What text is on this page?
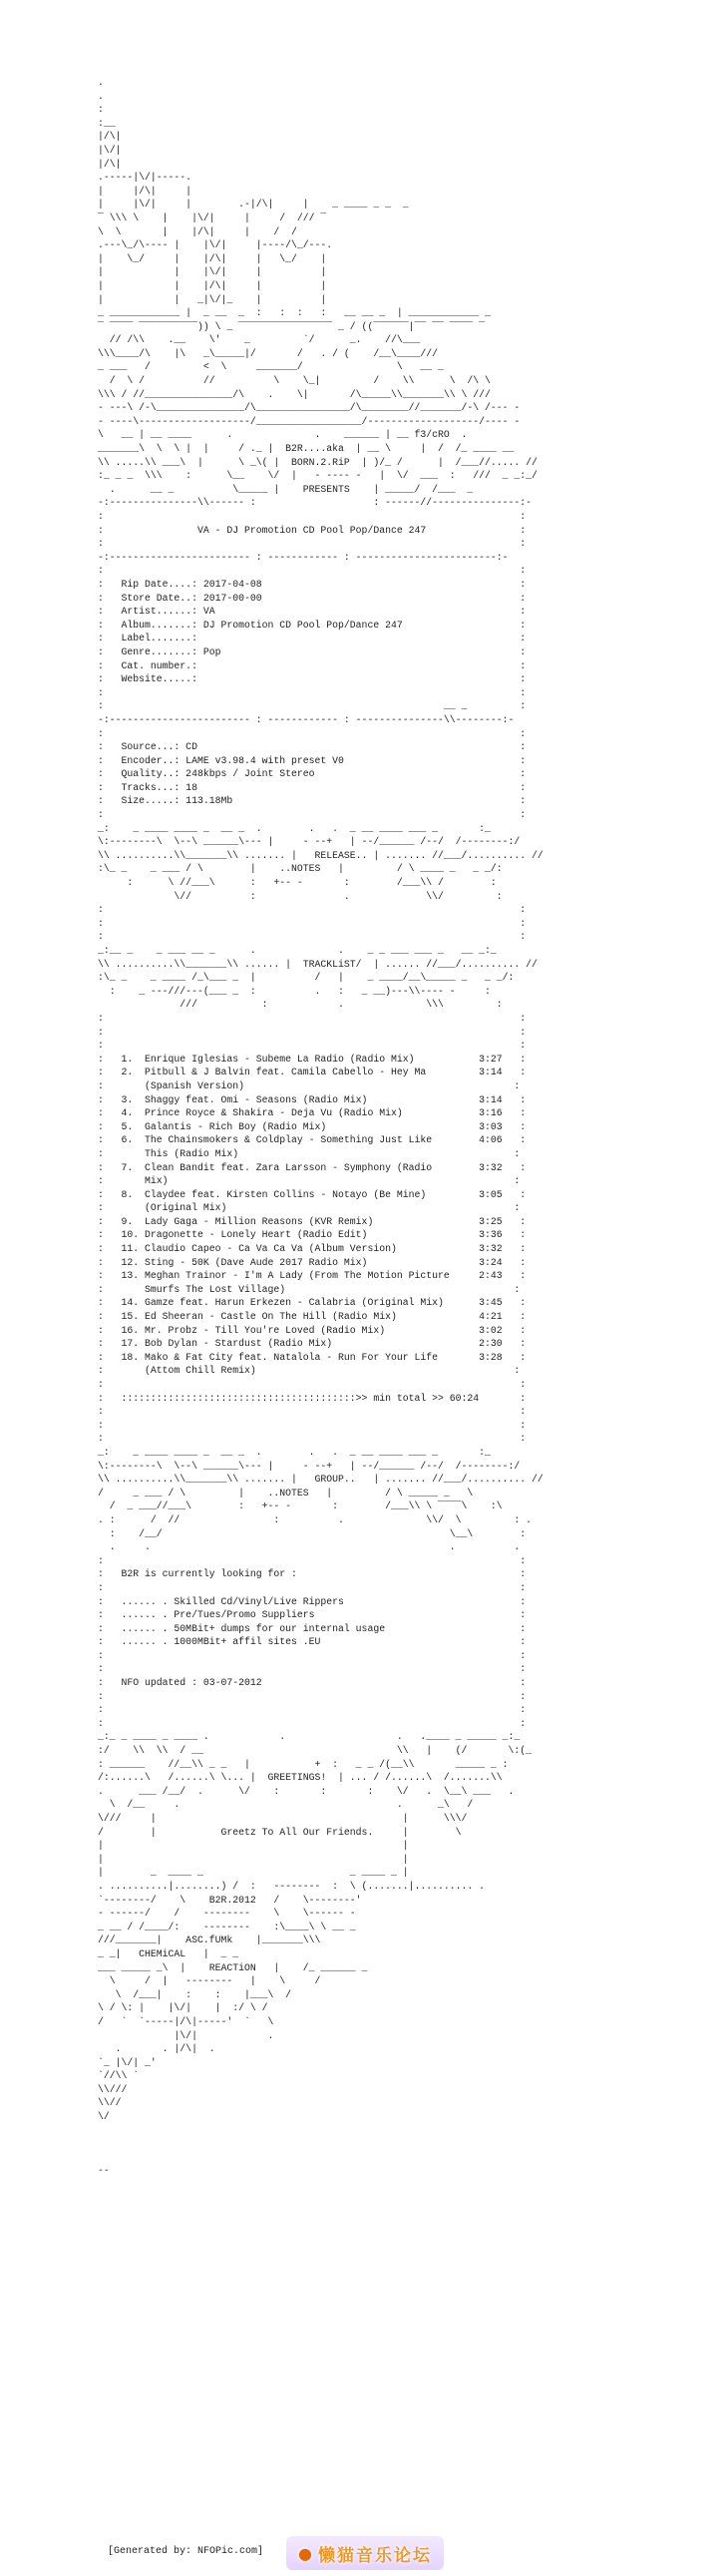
.
.
:
:__
|/\|
|\/|
|/\|
.-----|\/|-----.
|     |/\|     |
|     |\/|     |        .-|/\|     |    _ ____ _ _  _
¯ \\\ \    |    |\/|     |     /  /// ¯
\  \       |    |/\|     |    /  /
.---\_/\---- |    |\/|     |----/\_/---.
|    \_/     |    |/\|     |   \_/    |
|            |    |\/|     |          |
|            |    |/\|     |          |
|            |   _|\/|_    |          |
_ ____________ |  _ __  _  :   :  :   :   __ __ _  | ____________ _
¯ ¯¯¯¯ ¯¯¯¯¯¯¯¯¯¯)) \ _ ¯¯¯¯¯¯¯¯¯¯¯¯¯¯¯¯ _ / ((¯¯¯¯¯¯|¯¯ ¯¯ ¯¯¯¯ ¯
// /\\    .__    \'    _         `/      _.    //\___
\\\____/\    |\   _\_____|/       /   . / (    /__\____///
_ ___   /         <  \     _______/                \   __ _
/  \ /          //          \    \_|         /    \\      \  /\ \
\\\ / //_______________/\    .    \|       /\_____\\_______\\ \ ///
- ---\ /-\_______________/\________________/\________//_______/-\ /--- -
- ----\-------------------/__________________/-------------------/---- -
\   __ | __ ____      .              .    ______ | __ f3/cRO  .
_______\  \  \ |  |     / ._ |  B2R....aka  | __ \     |  /  /_ ____ __
\\ .....\\ ___\  |      \ _\( |  BORN.2.RiP  | )/_ /      |  /___//..... //
:_ _ _  \\\    :      \__    \/  |   - ---- -   |  \/  ___  :   ///  _ _:_/
.      __ _          \_____ |    PRESENTS    | _____/  /___  _
-:---------------\\------ :                    : ------//---------------:-
:                                                                       :
:                VA - DJ Promotion CD Pool Pop/Dance 247                :
:                                                                       :
-:------------------------ : ------------ : ------------------------:-
:                                                                       :
:   Rip Date....: 2017-04-08                                            :
:   Store Date..: 2017-00-00                                            :
:   Artist......: VA                                                    :
:   Album.......: DJ Promotion CD Pool Pop/Dance 247                    :
:   Label.......:                                                       :
:   Genre.......: Pop                                                   :
:   Cat. number.:                                                       :
:   Website.....:                                                       :
:                                                                       :
:                                                          __ _         :
-:------------------------ : ------------ : ---------------\\--------:-
:                                                                       :
:   Source...: CD                                                       :
:   Encoder..: LAME v3.98.4 with preset V0                              :
:   Quality..: 248kbps / Joint Stereo                                   :
:   Tracks...: 18                                                       :
:   Size.....: 113.18Mb                                                 :
:                                                                       :
_:    _ ____ ____ _  __ _  .        .   .  _ __ ____ ___ _       :_
\:--------\  \--\ ______\--- |     - --+   | --/______ /--/  /--------:/
\\ ..........\\_______\\ ....... |   RELEASE.. | ....... //___/.......... //
:\_ _    _ ___ / \        |    ..NOTES   |         / \ ____ _   _ _/:
:      \ //___\      :   +-- -       :        /___\\ /        :
\//          :               .             \\/         :
:                                                                       :
:                                                                       :
:                                                                       :
_:__ _    _ ___ __ _      .              .    _ _ ___ ___ _   __ _:_
\\ ..........\\_______\\ ...... |  TRACKLiST/  | ...... //___/.......... //
:\_ _    _ ____ /_\___ _  |          /   |    _ ____/__\_____ _   _ _/:
:    _ ---///---(___ _  :          .   :   _ __)---\\---- -     :
///           :            .              \\\         :
:                                                                       :
:                                                                       :
:                                                                       :
:   1.  Enrique Iglesias - Subeme La Radio (Radio Mix)           3:27   :
:   2.  Pitbull & J Balvin feat. Camila Cabello - Hey Ma         3:14   :
:       (Spanish Version)                                              :
:   3.  Shaggy feat. Omi - Seasons (Radio Mix)                   3:14   :
:   4.  Prince Royce & Shakira - Deja Vu (Radio Mix)             3:16   :
:   5.  Galantis - Rich Boy (Radio Mix)                          3:03   :
:   6.  The Chainsmokers & Coldplay - Something Just Like        4:06   :
:       This (Radio Mix)                                               :
:   7.  Clean Bandit feat. Zara Larsson - Symphony (Radio        3:32   :
:       Mix)                                                           :
:   8.  Claydee feat. Kirsten Collins - Notayo (Be Mine)         3:05   :
:       (Original Mix)                                                 :
:   9.  Lady Gaga - Million Reasons (KVR Remix)                  3:25   :
:   10. Dragonette - Lonely Heart (Radio Edit)                   3:36   :
:   11. Claudio Capeo - Ca Va Ca Va (Album Version)              3:32   :
:   12. Sting - 50K (Dave Aude 2017 Radio Mix)                   3:24   :
:   13. Meghan Trainor - I'm A Lady (From The Motion Picture     2:43   :
:       Smurfs The Lost Village)                                       :
:   14. Gamze feat. Harun Erkezen - Calabria (Original Mix)      3:45   :
:   15. Ed Sheeran - Castle On The Hill (Radio Mix)              4:21   :
:   16. Mr. Probz - Till You're Loved (Radio Mix)                3:02   :
:   17. Bob Dylan - Stardust (Radio Mix)                         2:30   :
:   18. Mako & Fat City feat. Natalola - Run For Your Life       3:28   :
:       (Attom Chill Remix)                                            :
:                                                                       :
:   ::::::::::::::::::::::::::::::::::::::::>> min total >> 60:24       :
:                                                                       :
:                                                                       :
:                                                                       :
_:    _ ____ ____ _  __ _  .        .   .  _ __ ____ ___ _       :_
\:--------\  \--\ ______\--- |     - --+   | --/______ /--/  /--------:/
\\ ..........\\_______\\ ....... |   GROUP..   | ....... //___/.......... //
/     _ ___ / \         |    ..NOTES   |         / \ _____ _   \
/  _ ___//___\        :   +-- -       :        /___\\ \ ¯¯¯¯\    :\
. :      /  //                :          .              \\/  \         : .
:    /__/                                                 \__\        :
.     .                                                   .          .
:                                                                       :
:   B2R is currently looking for :                                      :
:                                                                       :
:   ...... . Skilled Cd/Vinyl/Live Rippers                              :
:   ...... . Pre/Tues/Promo Suppliers                                   :
:   ...... . 50MBit+ dumps for our internal usage                       :
:   ...... . 1000MBit+ affil sites .EU                                  :
:                                                                       :
:                                                                       :
:   NFO updated : 03-07-2012                                            :
:                                                                       :
:                                                                       :
:                                                                       :
_:_ _ ____ _ ____ .            .                   .   .____ _ _____ _:_
:/    \\  \\  / __                                 \\   |    (/       \:(_
: ______    //__\\ _ _   |           +  :   _ _ /(__\\       _____ _ :
/:......\   /......\ \... |  GREETINGS!  | ... / /......\  /.......\\
.      ___ /__/  .      \/    :       :       :    \/   .  \__\ ___   .
\  /__     .                                     .      _\   /
\///     |                                          |      \\\/
/        |           Greetz To All Our Friends.     |        \
|                                                   |
|                                                   |
|        _  ____ _                         _ ____ _ |
. ..........|........) /  :   --------  :  \ (.......|.......... .
`--------/    \    B2R.2012   /    \--------'
- ------/    /    --------    \    \------ -
_ __ / /____/:    --------    :\____\ \ __ _
///_______|    ASC.fUMk    |_______\\\
_ _|   CHEMiCAL   |  _ _
___ _____ _\  |    REACTiON   |    /_ ______ _
\     /  |   --------   |    \     /
\  /___|    :    :    |___\  /
\ / \: |    |\/|    |  :/ \ /
/   `  `-----|/\|-----'  `   \
|\/|            .
.       . |/\|  .
`_ |\/| _'
`//\\ `
\\///
\\//
\/
--
[Generated by: NFOPic.com] ● 懒猫音乐论坛
